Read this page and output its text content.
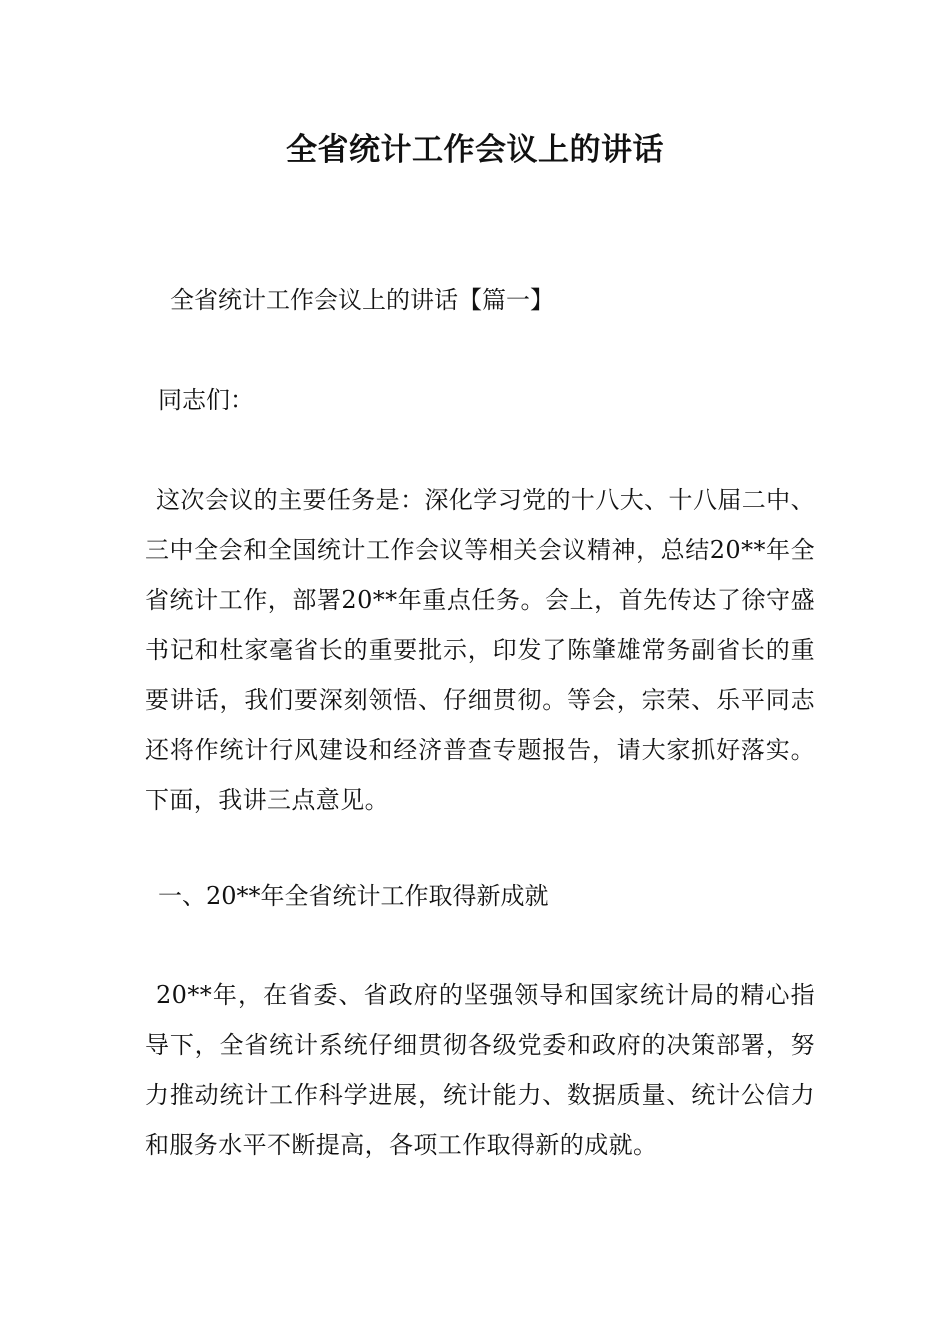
全省统计工作会议上的讲话

全省统计工作会议上的讲话【篇一】

同志们：

这次会议的主要任务是：深化学习党的十八大、十八届二中、三中全会和全国统计工作会议等相关会议精神，总结20**年全省统计工作，部署20**年重点任务。会上，首先传达了徐守盛书记和杜家毫省长的重要批示，印发了陈肇雄常务副省长的重要讲话，我们要深刻领悟、仔细贯彻。等会，宗荣、乐平同志还将作统计行风建设和经济普查专题报告，请大家抓好落实。下面，我讲三点意见。

一、20**年全省统计工作取得新成就

20**年，在省委、省政府的坚强领导和国家统计局的精心指导下，全省统计系统仔细贯彻各级党委和政府的决策部署，努力推动统计工作科学进展，统计能力、数据质量、统计公信力和服务水平不断提高，各项工作取得新的成就。
